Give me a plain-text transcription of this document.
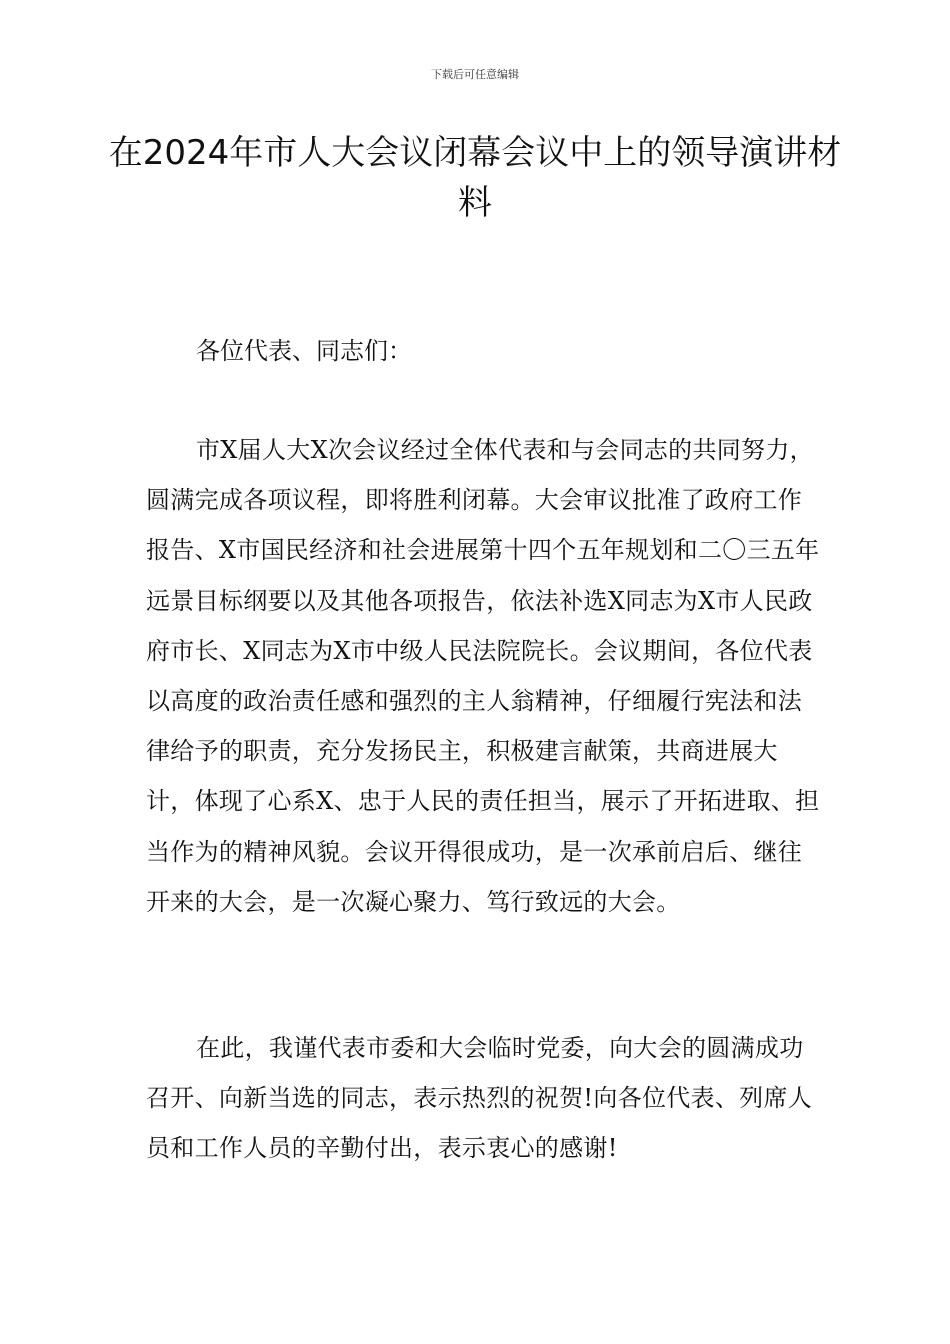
下载后可任意编辑
在2024年市人大会议闭幕会议中上的领导演讲材料
各位代表、同志们：
市X届人大X次会议经过全体代表和与会同志的共同努力，圆满完成各项议程，即将胜利闭幕。大会审议批准了政府工作报告、X市国民经济和社会进展第十四个五年规划和二〇三五年远景目标纲要以及其他各项报告，依法补选X同志为X市人民政府市长、X同志为X市中级人民法院院长。会议期间，各位代表以高度的政治责任感和强烈的主人翁精神，仔细履行宪法和法律给予的职责，充分发扬民主，积极建言献策，共商进展大计，体现了心系X、忠于人民的责任担当，展示了开拓进取、担当作为的精神风貌。会议开得很成功，是一次承前启后、继往开来的大会，是一次凝心聚力、笃行致远的大会。
在此，我谨代表市委和大会临时党委，向大会的圆满成功召开、向新当选的同志，表示热烈的祝贺!向各位代表、列席人员和工作人员的辛勤付出，表示衷心的感谢!
